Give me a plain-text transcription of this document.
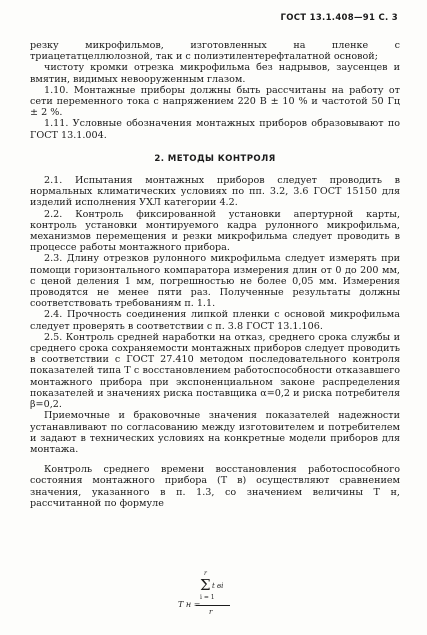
ГОСТ 13.1.408—91 С. 3

резку микрофильмов, изготовленных на пленке с триацетатцеллюлозной, так и с полиэтилентерефталатной основой;

чистоту кромки отрезка микрофильма без надрывов, заусенцев и вмятин, видимых невооруженным глазом.

1.10. Монтажные приборы должны быть рассчитаны на работу от сети переменного тока с напряжением 220 В ± 10 % и частотой 50 Гц ± 2 %.

1.11. Условные обозначения монтажных приборов образовывают по ГОСТ 13.1.004.

2. МЕТОДЫ КОНТРОЛЯ

2.1. Испытания монтажных приборов следует проводить в нормальных климатических условиях по пп. 3.2, 3.6 ГОСТ 15150 для изделий исполнения УХЛ категории 4.2.

2.2. Контроль фиксированной установки апертурной карты, контроль установки монтируемого кадра рулонного микрофильма, механизмов перемещения и резки микрофильма следует проводить в процессе работы монтажного прибора.

2.3. Длину отрезков рулонного микрофильма следует измерять при помощи горизонтального компаратора измерения длин от 0 до 200 мм, с ценой деления 1 мм, погрешностью не более 0,05 мм. Измерения проводятся не менее пяти раз. Полученные результаты должны соответствовать требованиям п. 1.1.

2.4. Прочность соединения липкой пленки с основой микрофильма следует проверять в соответствии с п. 3.8 ГОСТ 13.1.106.

2.5. Контроль средней наработки на отказ, среднего срока службы и среднего срока сохраняемости монтажных приборов следует проводить в соответствии с ГОСТ 27.410 методом последовательного контроля показателей типа Т с восстановлением работоспособности отказавшего монтажного прибора при экспоненциальном законе распределения показателей и значениях риска поставщика α=0,2 и риска потребителя β=0,2.

Приемочные и браковочные значения показателей надежности устанавливают по согласованию между изготовителем и потребителем и задают в технических условиях на конкретные модели приборов для монтажа.

Контроль среднего времени восстановления работоспособного состояния монтажного прибора (Т в) осуществляют сравнением значения, указанного в п. 1.3, со значением величины Т н, рассчитанной по формуле

r
Σ t вi
i = 1
T н =
r
